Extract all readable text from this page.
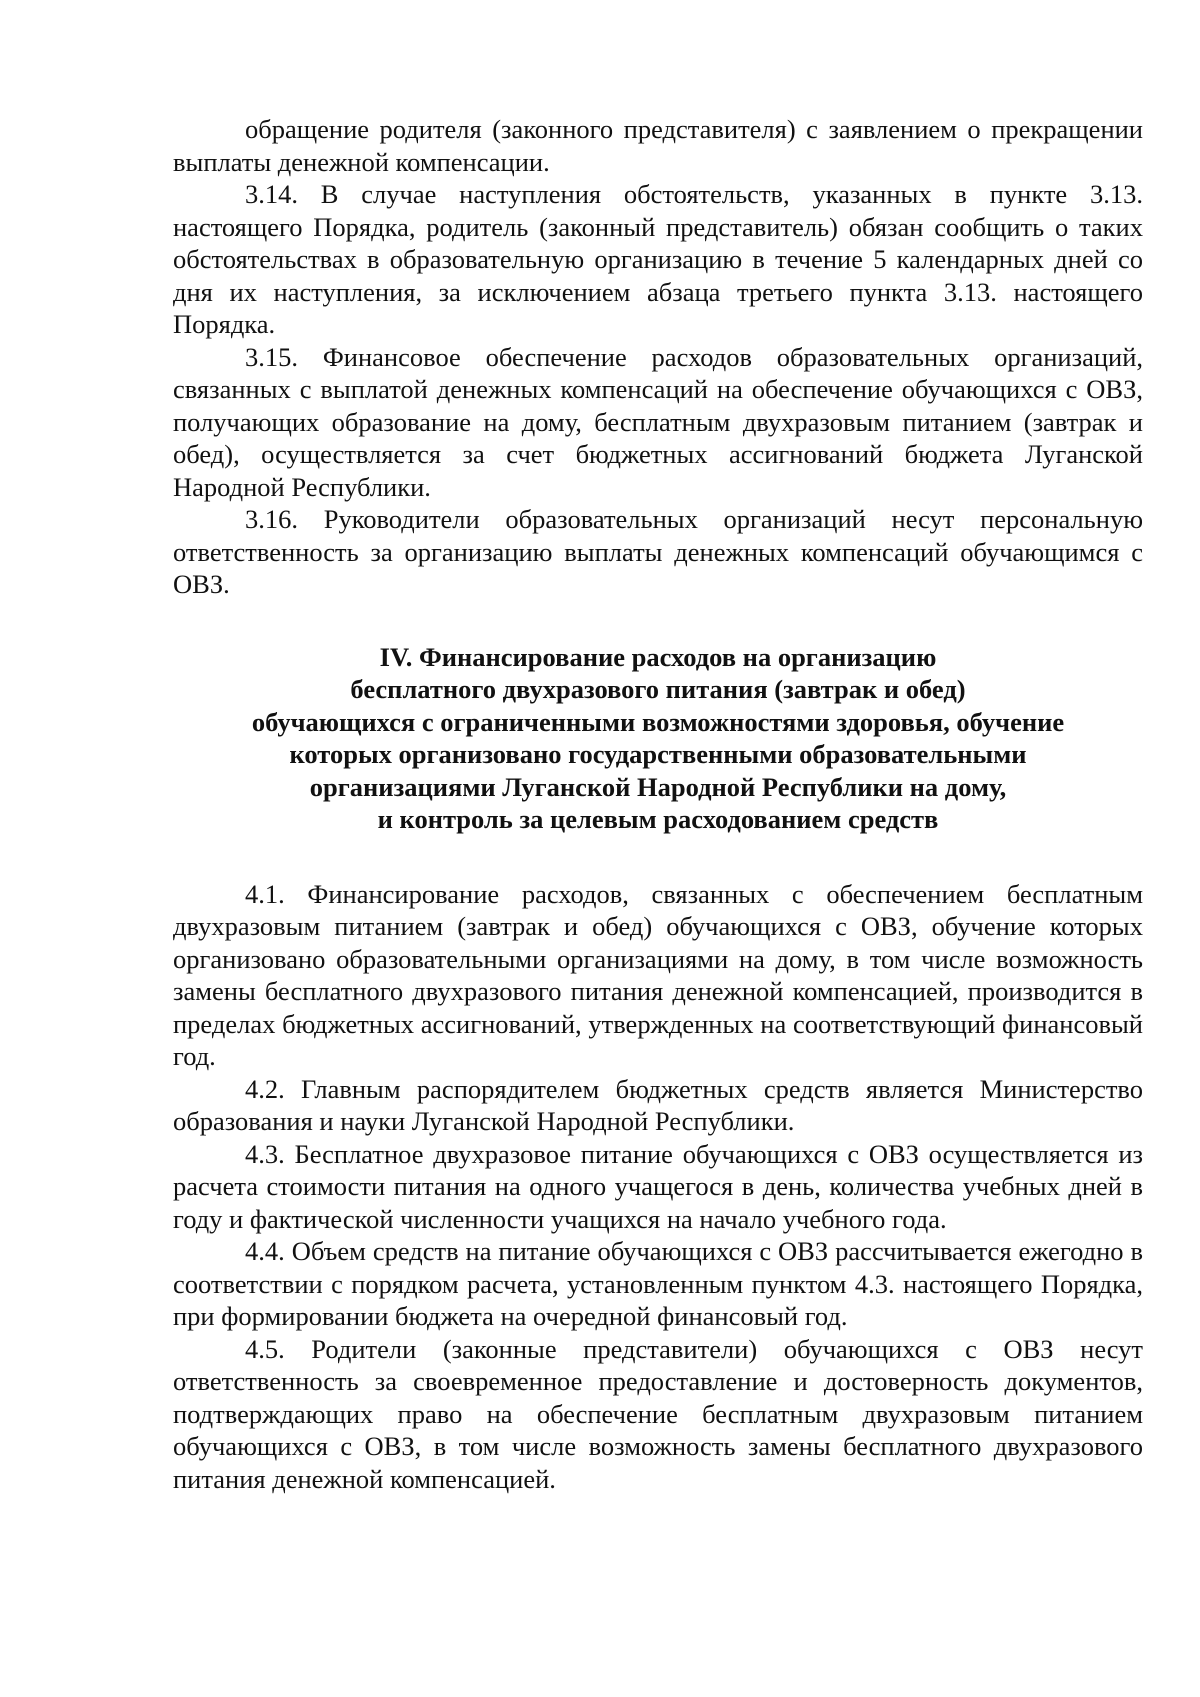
обращение родителя (законного представителя) с заявлением о прекращении выплаты денежной компенсации.

3.14. В случае наступления обстоятельств, указанных в пункте 3.13. настоящего Порядка, родитель (законный представитель) обязан сообщить о таких обстоятельствах в образовательную организацию в течение 5 календарных дней со дня их наступления, за исключением абзаца третьего пункта 3.13. настоящего Порядка.

3.15. Финансовое обеспечение расходов образовательных организаций, связанных с выплатой денежных компенсаций на обеспечение обучающихся с ОВЗ, получающих образование на дому, бесплатным двухразовым питанием (завтрак и обед), осуществляется за счет бюджетных ассигнований бюджета Луганской Народной Республики.

3.16. Руководители образовательных организаций несут персональную ответственность за организацию выплаты денежных компенсаций обучающимся с ОВЗ.

IV. Финансирование расходов на организацию
бесплатного двухразового питания (завтрак и обед)
обучающихся с ограниченными возможностями здоровья, обучение
которых организовано государственными образовательными
организациями Луганской Народной Республики на дому,
и контроль за целевым расходованием средств

4.1. Финансирование расходов, связанных с обеспечением бесплатным двухразовым питанием (завтрак и обед) обучающихся с ОВЗ, обучение которых организовано образовательными организациями на дому, в том числе возможность замены бесплатного двухразового питания денежной компенсацией, производится в пределах бюджетных ассигнований, утвержденных на соответствующий финансовый год.

4.2. Главным распорядителем бюджетных средств является Министерство образования и науки Луганской Народной Республики.

4.3. Бесплатное двухразовое питание обучающихся с ОВЗ осуществляется из расчета стоимости питания на одного учащегося в день, количества учебных дней в году и фактической численности учащихся на начало учебного года.

4.4. Объем средств на питание обучающихся с ОВЗ рассчитывается ежегодно в соответствии с порядком расчета, установленным пунктом 4.3. настоящего Порядка, при формировании бюджета на очередной финансовый год.

4.5. Родители (законные представители) обучающихся с ОВЗ несут ответственность за своевременное предоставление и достоверность документов, подтверждающих право на обеспечение бесплатным двухразовым питанием обучающихся с ОВЗ, в том числе возможность замены бесплатного двухразового питания денежной компенсацией.
